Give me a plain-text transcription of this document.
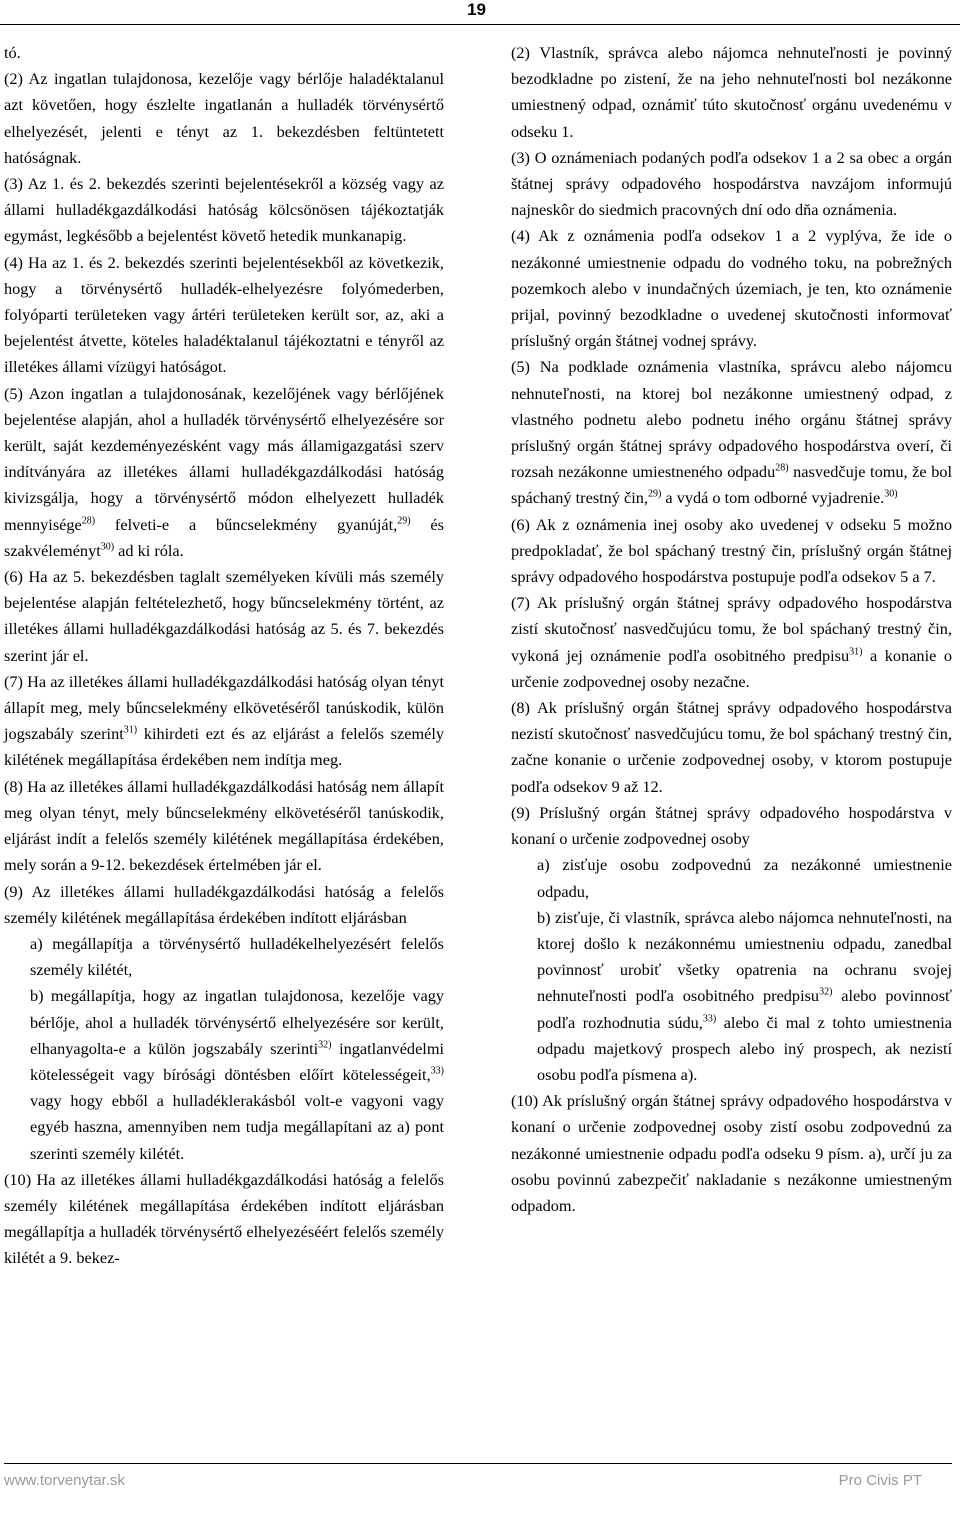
19

tó.

(2) Az ingatlan tulajdonosa, kezelője vagy bérlője haladéktalanul azt követően, hogy észlelte ingatlanán a hulladék törvénysértő elhelyezését, jelenti e tényt az 1. bekezdésben feltüntetett hatóságnak.

(3) Az 1. és 2. bekezdés szerinti bejelentésekről a község vagy az állami hulladékgazdálkodási hatóság kölcsönösen tájékoztatják egymást, legkésőbb a bejelentést követő hetedik munkanapig.

(4) Ha az 1. és 2. bekezdés szerinti bejelentésekből az következik, hogy a törvénysértő hulladék-elhelyezésre folyómederben, folyóparti területeken vagy ártéri területeken került sor, az, aki a bejelentést átvette, köteles haladéktalanul tájékoztatni e tényről az illetékes állami vízügyi hatóságot.

(5) Azon ingatlan a tulajdonosának, kezelőjének vagy bérlőjének bejelentése alapján, ahol a hulladék törvénysértő elhelyezésére sor került, saját kezdeményezésként vagy más államigazgatási szerv indítványára az illetékes állami hulladékgazdálkodási hatóság kivizsgálja, hogy a törvénysértő módon elhelyezett hulladék mennyisége$^{28)}$ felveti-e a bűncselekmény gyanúját,$^{29)}$ és szakvéleményt$^{30)}$ ad ki róla.

(6) Ha az 5. bekezdésben taglalt személyeken kívüli más személy bejelentése alapján feltételezhető, hogy bűncselekmény történt, az illetékes állami hulladékgazdálkodási hatóság az 5. és 7. bekezdés szerint jár el.

(7) Ha az illetékes állami hulladékgazdálkodási hatóság olyan tényt állapít meg, mely bűncselekmény elkövetéséről tanúskodik, külön jogszabály szerint$^{31)}$ kihirdeti ezt és az eljárást a felelős személy kilétének megállapítása érdekében nem indítja meg.

(8) Ha az illetékes állami hulladékgazdálkodási hatóság nem állapít meg olyan tényt, mely bűncselekmény elkövetéséről tanúskodik, eljárást indít a felelős személy kilétének megállapítása érdekében, mely során a 9-12. bekezdések értelmében jár el.

(9) Az illetékes állami hulladékgazdálkodási hatóság a felelős személy kilétének megállapítása érdekében indított eljárásban

a) megállapítja a törvénysértő hulladékelhelyezésért felelős személy kilétét,

b) megállapítja, hogy az ingatlan tulajdonosa, kezelője vagy bérlője, ahol a hulladék törvénysértő elhelyezésére sor került, elhanyagolta-e a külön jogszabály szerinti$^{32)}$ ingatlanvédelmi kötelességeit vagy bírósági döntésben előírt kötelességeit,$^{33)}$ vagy hogy ebből a hulladéklerakásból volt-e vagyoni vagy egyéb haszna, amennyiben nem tudja megállapítani az a) pont szerinti személy kilétét.

(10) Ha az illetékes állami hulladékgazdálkodási hatóság a felelős személy kilétének megállapítása érdekében indított eljárásban megállapítja a hulladék törvénysértő elhelyezéséért felelős személy kilétét a 9. bekez-

(2) Vlastník, správca alebo nájomca nehnuteľnosti je povinný bezodkladne po zistení, že na jeho nehnuteľnosti bol nezákonne umiestnený odpad, oznámiť túto skutočnosť orgánu uvedenému v odseku 1.

(3) O oznámeniach podaných podľa odsekov 1 a 2 sa obec a orgán štátnej správy odpadového hospodárstva navzájom informujú najneskôr do siedmich pracovných dní odo dňa oznámenia.

(4) Ak z oznámenia podľa odsekov 1 a 2 vyplýva, že ide o nezákonné umiestnenie odpadu do vodného toku, na pobrežných pozemkoch alebo v inundačných územiach, je ten, kto oznámenie prijal, povinný bezodkladne o uvedenej skutočnosti informovať príslušný orgán štátnej vodnej správy.

(5) Na podklade oznámenia vlastníka, správcu alebo nájomcu nehnuteľnosti, na ktorej bol nezákonne umiestnený odpad, z vlastného podnetu alebo podnetu iného orgánu štátnej správy príslušný orgán štátnej správy odpadového hospodárstva overí, či rozsah nezákonne umiestneného odpadu$^{28)}$ nasvedčuje tomu, že bol spáchaný trestný čin,$^{29)}$ a vydá o tom odborné vyjadrenie.$^{30)}$

(6) Ak z oznámenia inej osoby ako uvedenej v odseku 5 možno predpokladať, že bol spáchaný trestný čin, príslušný orgán štátnej správy odpadového hospodárstva postupuje podľa odsekov 5 a 7.

(7) Ak príslušný orgán štátnej správy odpadového hospodárstva zistí skutočnosť nasvedčujúcu tomu, že bol spáchaný trestný čin, vykoná jej oznámenie podľa osobitného predpisu$^{31)}$ a konanie o určenie zodpovednej osoby nezačne.

(8) Ak príslušný orgán štátnej správy odpadového hospodárstva nezistí skutočnosť nasvedčujúcu tomu, že bol spáchaný trestný čin, začne konanie o určenie zodpovednej osoby, v ktorom postupuje podľa odsekov 9 až 12.

(9) Príslušný orgán štátnej správy odpadového hospodárstva v konaní o určenie zodpovednej osoby

a) zisťuje osobu zodpovednú za nezákonné umiestnenie odpadu,

b) zisťuje, či vlastník, správca alebo nájomca nehnuteľnosti, na ktorej došlo k nezákonnému umiestneniu odpadu, zanedbal povinnosť urobiť všetky opatrenia na ochranu svojej nehnuteľnosti podľa osobitného predpisu$^{32)}$ alebo povinnosť podľa rozhodnutia súdu,$^{33)}$ alebo či mal z tohto umiestnenia odpadu majetkový prospech alebo iný prospech, ak nezistí osobu podľa písmena a).

(10) Ak príslušný orgán štátnej správy odpadového hospodárstva v konaní o určenie zodpovednej osoby zistí osobu zodpovednú za nezákonné umiestnenie odpadu podľa odseku 9 písm. a), určí ju za osobu povinnú zabezpečiť nakladanie s nezákonne umiestneným odpadom.

www.torvenytar.sk	Pro Civis PT
